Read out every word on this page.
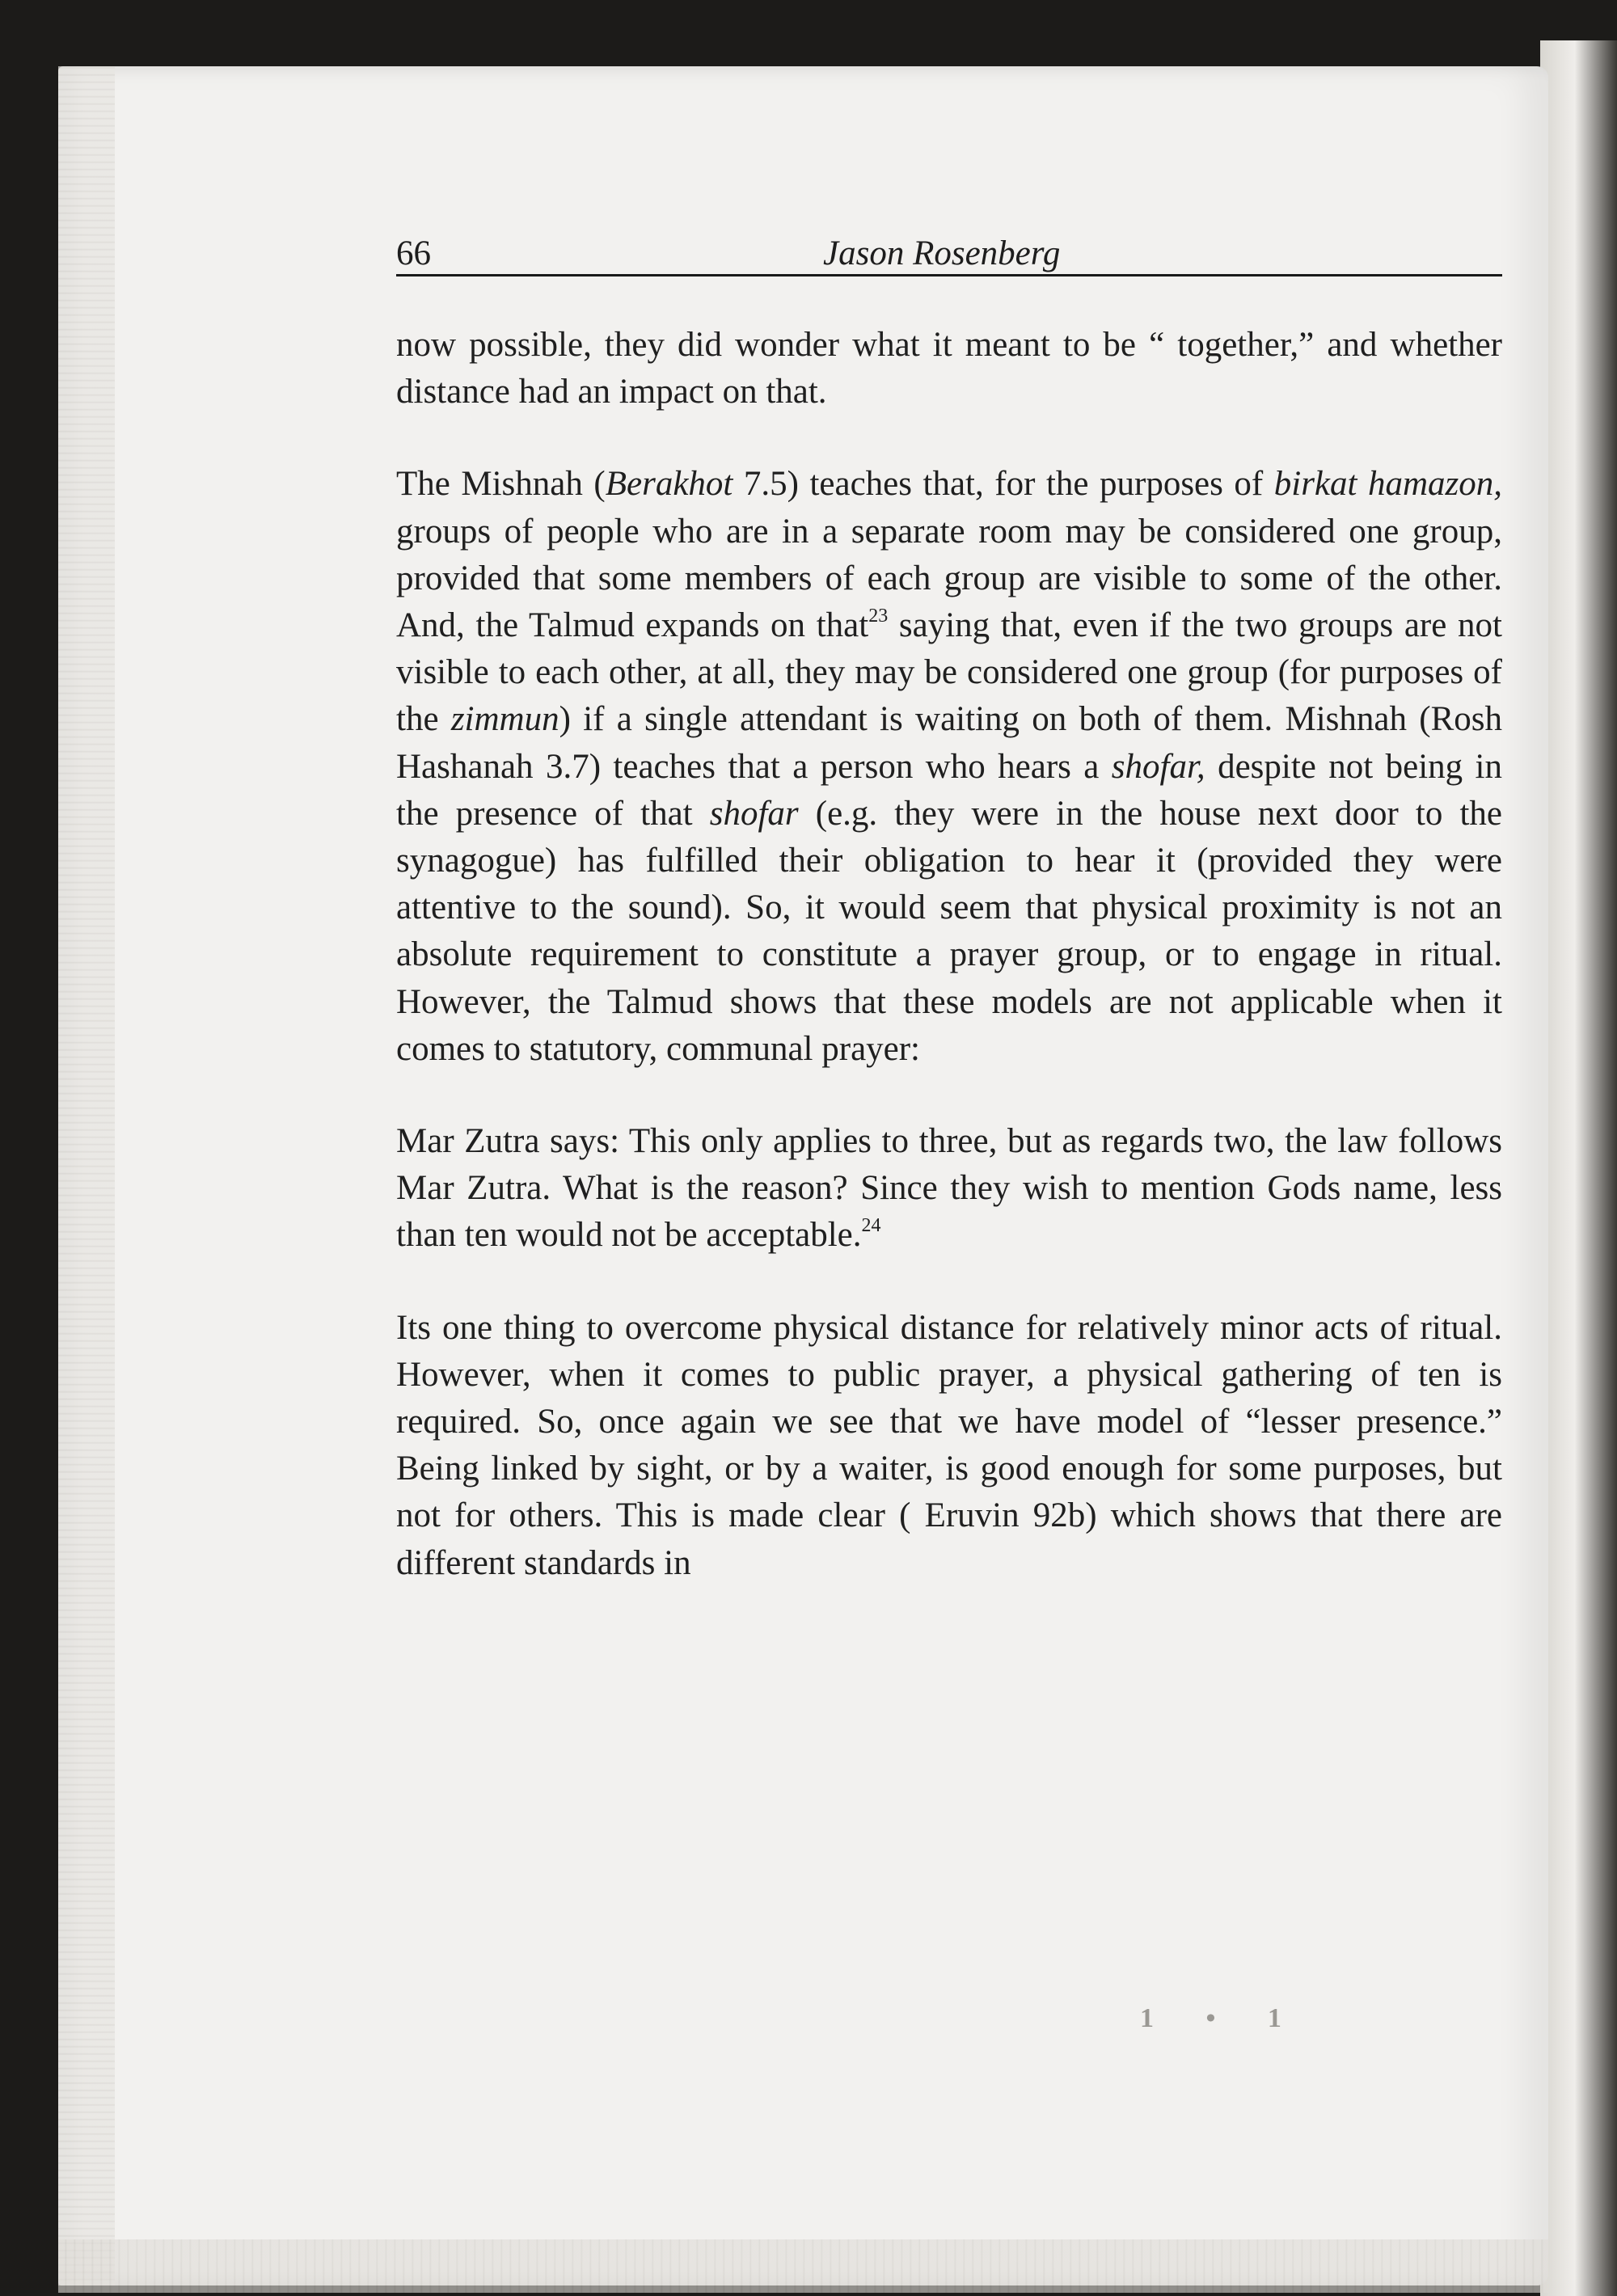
66	Jason Rosenberg

now possible, they did wonder what it meant to be “ together,” and whether distance had an impact on that.

The Mishnah (Berakhot 7.5) teaches that, for the purposes of birkat hamazon, groups of people who are in a separate room may be considered one group, provided that some members of each group are visible to some of the other. And, the Talmud expands on that$^{23}$ saying that, even if the two groups are not visible to each other, at all, they may be considered one group (for purposes of the zimmun) if a single attendant is waiting on both of them. Mishnah (Rosh Hashanah 3.7) teaches that a person who hears a shofar, despite not being in the presence of that shofar (e.g. they were in the house next door to the synagogue) has fulfilled their obligation to hear it (provided they were attentive to the sound). So, it would seem that physical proximity is not an absolute requirement to constitute a prayer group, or to engage in ritual. However, the Talmud shows that these models are not applicable when it comes to statutory, communal prayer:

Mar Zutra says: This only applies to three, but as regards two, the law follows Mar Zutra. What is the reason? Since they wish to mention Gods name, less than ten would not be acceptable.$^{24}$

Its one thing to overcome physical distance for relatively minor acts of ritual. However, when it comes to public prayer, a physical gathering of ten is required. So, once again we see that we have model of “lesser presence.” Being linked by sight, or by a waiter, is good enough for some purposes, but not for others. This is made clear ( Eruvin 92b) which shows that there are different standards in

1 • 1
